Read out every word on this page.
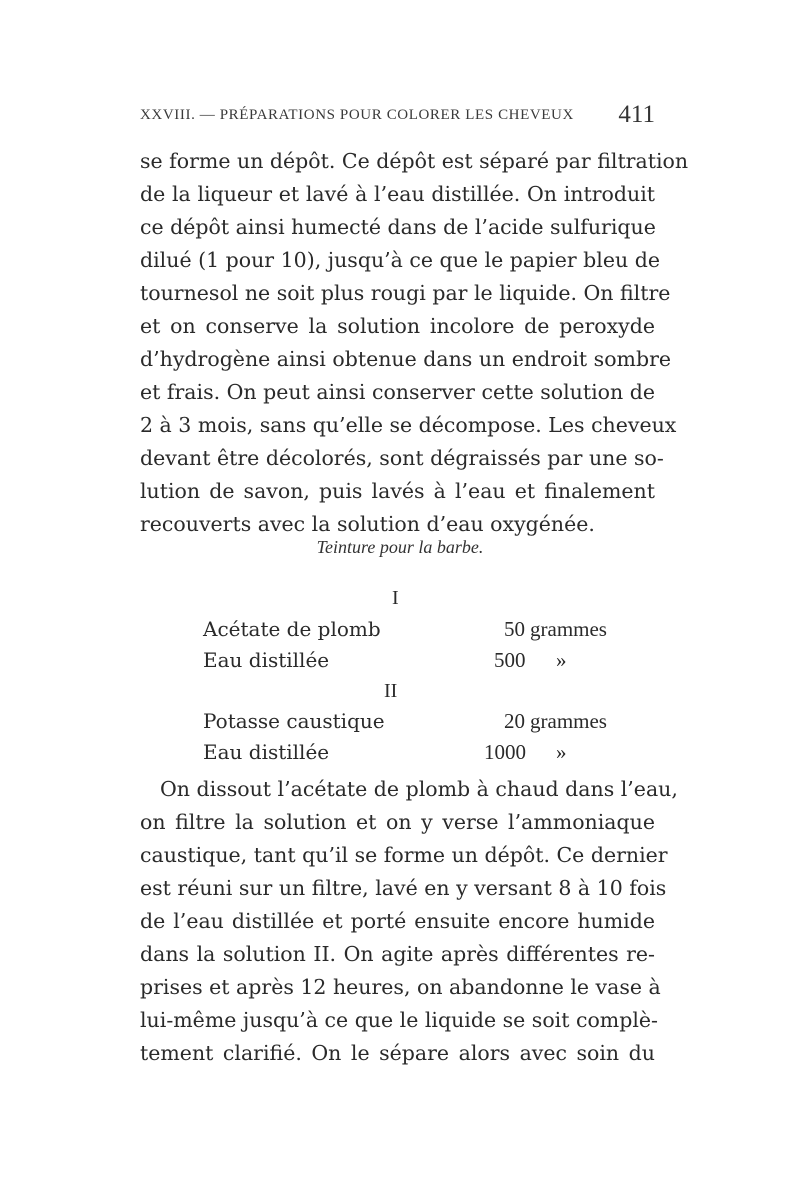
XXVIII. — PRÉPARATIONS POUR COLORER LES CHEVEUX 411
se forme un dépôt. Ce dépôt est séparé par filtration
de la liqueur et lavé à l’eau distillée. On introduit
ce dépôt ainsi humecté dans de l’acide sulfurique
dilué (1 pour 10), jusqu’à ce que le papier bleu de
tournesol ne soit plus rougi par le liquide. On filtre
et on conserve la solution incolore de peroxyde
d’hydrogène ainsi obtenue dans un endroit sombre
et frais. On peut ainsi conserver cette solution de
2 à 3 mois, sans qu’elle se décompose. Les cheveux
devant être décolorés, sont dégraissés par une so-
lution de savon, puis lavés à l’eau et finalement
recouverts avec la solution d’eau oxygénée.
Teinture pour la barbe.
I
Acétate de plomb	50 grammes
Eau distillée	500 »
II
Potasse caustique	20 grammes
Eau distillée	1000 »
On dissout l’acétate de plomb à chaud dans l’eau,
on filtre la solution et on y verse l’ammoniaque
caustique, tant qu’il se forme un dépôt. Ce dernier
est réuni sur un filtre, lavé en y versant 8 à 10 fois
de l’eau distillée et porté ensuite encore humide
dans la solution II. On agite après différentes re-
prises et après 12 heures, on abandonne le vase à
lui-même jusqu’à ce que le liquide se soit complè-
tement clarifié. On le sépare alors avec soin du
